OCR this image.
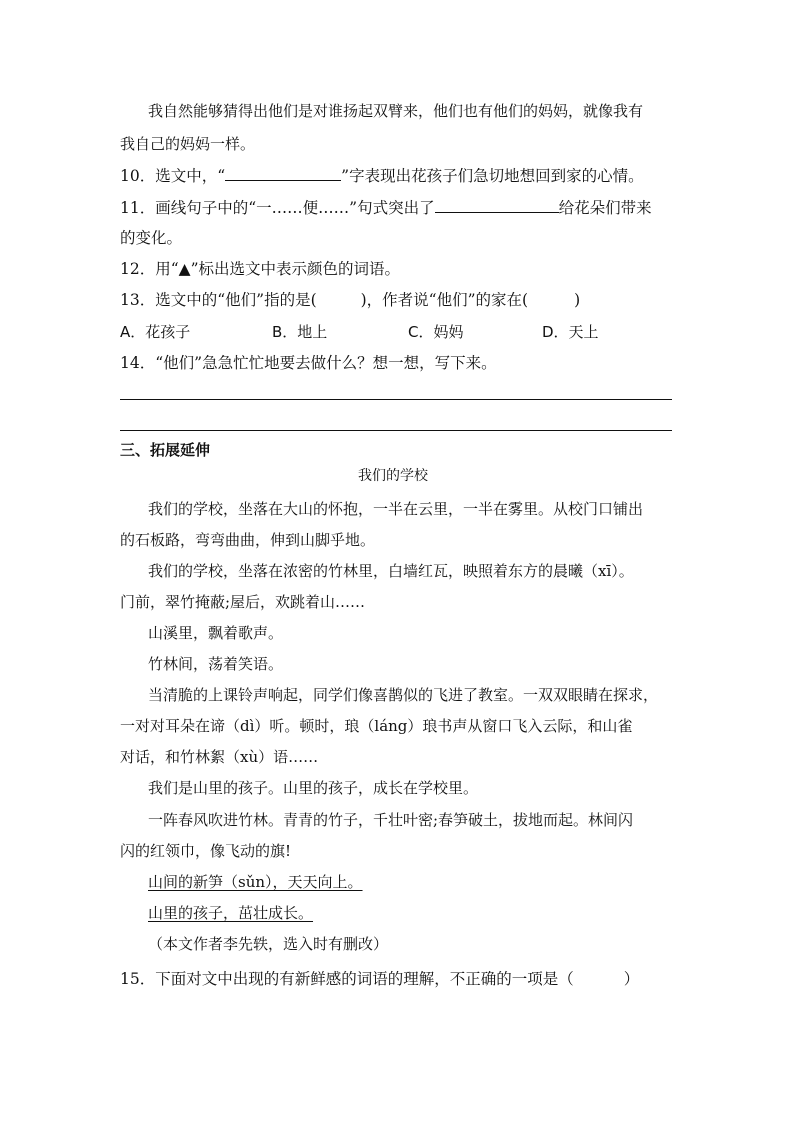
我自然能够猜得出他们是对谁扬起双臂来，他们也有他们的妈妈，就像我有
我自己的妈妈一样。
10．选文中，“	”字表现出花孩子们急切地想回到家的心情。
11．画线句子中的“一……便……”句式突出了	给花朵们带来
的变化。
12．用“▲”标出选文中表示颜色的词语。
13．选文中的“他们”指的是(	)，作者说“他们”的家在(	)
A．花孩子	B．地上	C．妈妈	D．天上
14．“他们”急急忙忙地要去做什么？想一想，写下来。
三、拓展延伸
我们的学校
我们的学校，坐落在大山的怀抱，一半在云里，一半在雾里。从校门口铺出
的石板路，弯弯曲曲，伸到山脚乎地。
我们的学校，坐落在浓密的竹林里，白墙红瓦，映照着东方的晨曦（xī）。
门前，翠竹掩蔽;屋后，欢跳着山……
山溪里，飘着歌声。
竹林间，荡着笑语。
当清脆的上课铃声响起，同学们像喜鹊似的飞进了教室。一双双眼睛在探求，
一对对耳朵在谛（dì）听。顿时，琅（láng）琅书声从窗口飞入云际，和山雀
对话，和竹林絮（xù）语……
我们是山里的孩子。山里的孩子，成长在学校里。
一阵春风吹进竹林。青青的竹子，千壮叶密;春笋破土，拔地而起。林间闪
闪的红领巾，像飞动的旗!
山间的新笋（sǔn），天天向上。
山里的孩子，茁壮成长。
（本文作者李先轶，选入时有删改）
15．下面对文中出现的有新鲜感的词语的理解，不正确的一项是（	）
